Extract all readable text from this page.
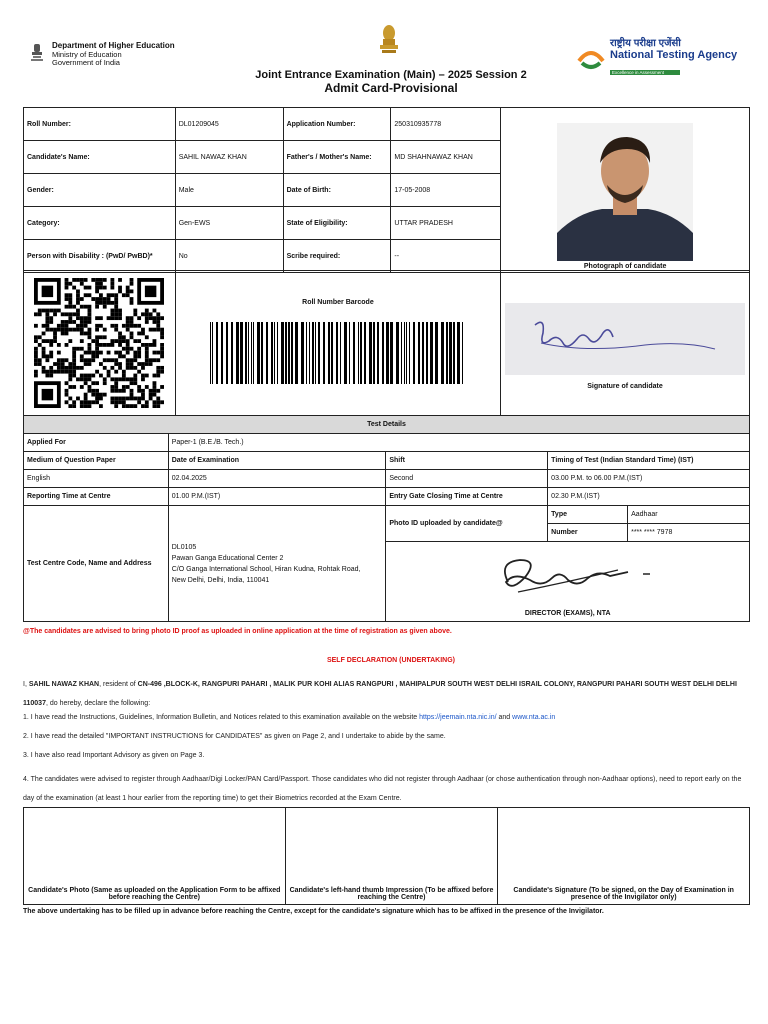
Department of Higher Education
Ministry of Education
Government of India
राष्ट्रीय परीक्षा एजेंसी
National Testing Agency
Excellence in Assessment
Joint Entrance Examination (Main) – 2025 Session 2
Admit Card-Provisional
Roll Number:	DL01209045	Application Number:	250310935778	Photograph of candidate

Candidate's Name:	SAHIL NAWAZ KHAN	Father's / Mother's Name:	MD SHAHNAWAZ KHAN	
Gender:	Male	Date of Birth:	17-05-2008	
Category:	Gen-EWS	State of Eligibility:	UTTAR PRADESH	
Person with Disability : (PwD/ PwBD)*	No	Scribe required:	--	

Roll Number Barcode

Signature of candidate
Test Details				
Applied For	Paper-1 (B.E./B. Tech.)			
Medium of Question Paper	Date of Examination	Shift	Timing of Test (Indian Standard Time) (IST)	
English	02.04.2025	Second	03.00 P.M. to 06.00 P.M.(IST)	
Reporting Time at Centre	01.00 P.M.(IST)	Entry Gate Closing Time at Centre	02.30 P.M.(IST)	
Test Centre Code, Name and Address	DL0105
Pawan Ganga Educational Center 2
C/O Ganga International School, Hiran Kudna, Rohtak Road,
New Delhi, Delhi, India, 110041	Photo ID uploaded by candidate@	Type	Aadhaar
			Number	**** **** 7978

		DIRECTOR (EXAMS), NTA		
@The candidates are advised to bring photo ID proof as uploaded in online application at the time of registration as given above.
SELF DECLARATION (UNDERTAKING)
I, SAHIL NAWAZ KHAN, resident of CN-496 ,BLOCK-K, RANGPURI PAHARI , MALIK PUR KOHI ALIAS RANGPURI , MAHIPALPUR SOUTH WEST DELHI ISRAIL COLONY, RANGPURI PAHARI SOUTH WEST DELHI DELHI 110037, do hereby, declare the following:
1. I have read the Instructions, Guidelines, Information Bulletin, and Notices related to this examination available on the website https://jeemain.nta.nic.in/ and www.nta.ac.in
2. I have read the detailed "IMPORTANT INSTRUCTIONS for CANDIDATES" as given on Page 2, and I undertake to abide by the same.
3. I have also read Important Advisory as given on Page 3.
4. The candidates were advised to register through Aadhaar/Digi Locker/PAN Card/Passport. Those candidates who did not register through Aadhaar (or chose authentication through non-Aadhaar options), need to report early on the day of the examination (at least 1 hour earlier from the reporting time) to get their Biometrics recorded at the Exam Centre.
Candidate's Photo (Same as uploaded on the Application Form to be affixed before reaching the Centre)	Candidate's left-hand thumb Impression (To be affixed before reaching the Centre)	Candidate's Signature (To be signed, on the Day of Examination in presence of the Invigilator only)
The above undertaking has to be filled up in advance before reaching the Centre, except for the candidate's signature which has to be affixed in the presence of the Invigilator.
